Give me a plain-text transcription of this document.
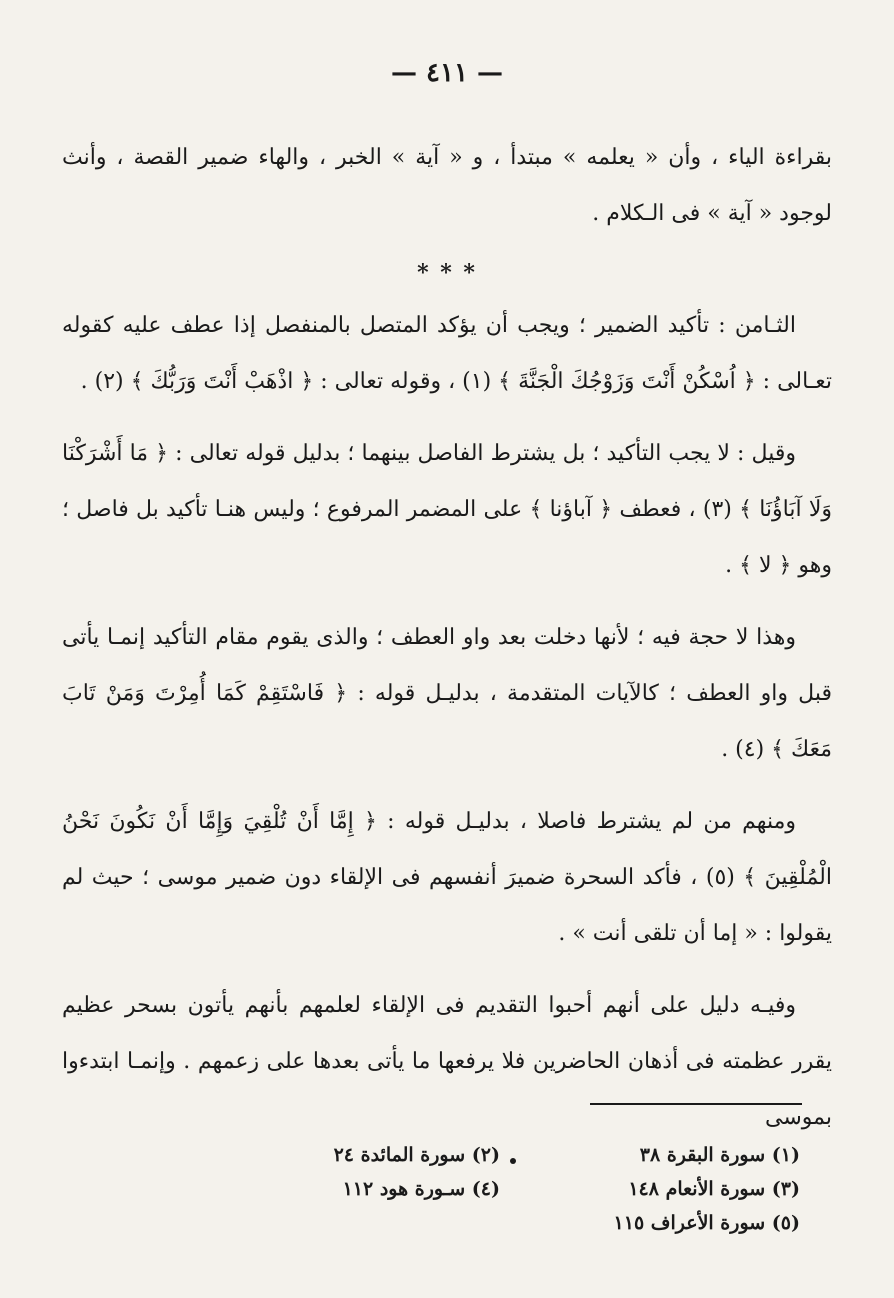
— ٤١١ —

بقراءة الياء ، وأن « يعلمه » مبتدأ ، و « آية » الخبر ، والهاء ضمير القصة ، وأنث لوجود « آية » فى الـكلام .

* * *

الثـامن : تأكيد الضمير ؛ ويجب أن يؤكد المتصل بالمنفصل إذا عطف عليه كقوله تعـالى : ﴿ اُسْكُنْ أَنْتَ وَزَوْجُكَ الْجَنَّةَ ﴾ (١) ، وقوله تعالى : ﴿ اذْهَبْ أَنْتَ وَرَبُّكَ ﴾ (٢) .

وقيل : لا يجب التأكيد ؛ بل يشترط الفاصل بينهما ؛ بدليل قوله تعالى : ﴿ مَا أَشْرَكْنَا وَلَا آبَاؤُنَا ﴾ (٣) ، فعطف ﴿ آباؤنا ﴾ على المضمر المرفوع ؛ وليس هنـا تأكيد بل فاصل ؛ وهو ﴿ لا ﴾ .

وهذا لا حجة فيه ؛ لأنها دخلت بعد واو العطف ؛ والذى يقوم مقام التأكيد إنمـا يأتى قبل واو العطف ؛ كالآيات المتقدمة ، بدليـل قوله : ﴿ فَاسْتَقِمْ كَمَا أُمِرْتَ وَمَنْ تَابَ مَعَكَ ﴾ (٤) .

ومنهم من لم يشترط فاصلا ، بدليـل قوله : ﴿ إِمَّا أَنْ تُلْقِيَ وَإِمَّا أَنْ نَكُونَ نَحْنُ الْمُلْقِينَ ﴾ (٥) ، فأكد السحرة ضميرَ أنفسهم فى الإلقاء دون ضمير موسى ؛ حيث لم يقولوا : « إما أن تلقى أنت » .

وفيـه دليل على أنهم أحبوا التقديم فى الإلقاء لعلمهم بأنهم يأتون بسحر عظيم يقرر عظمته فى أذهان الحاضرين فلا يرفعها ما يأتى بعدها على زعمهم . وإنمـا ابتدءوا بموسى

(١) سورة البقرة ٣٨
(٣) سورة الأنعام ١٤٨
(٥) سورة الأعراف ١١٥
(٢) سورة المائدة ٢٤
(٤) سـورة هود ١١٢
